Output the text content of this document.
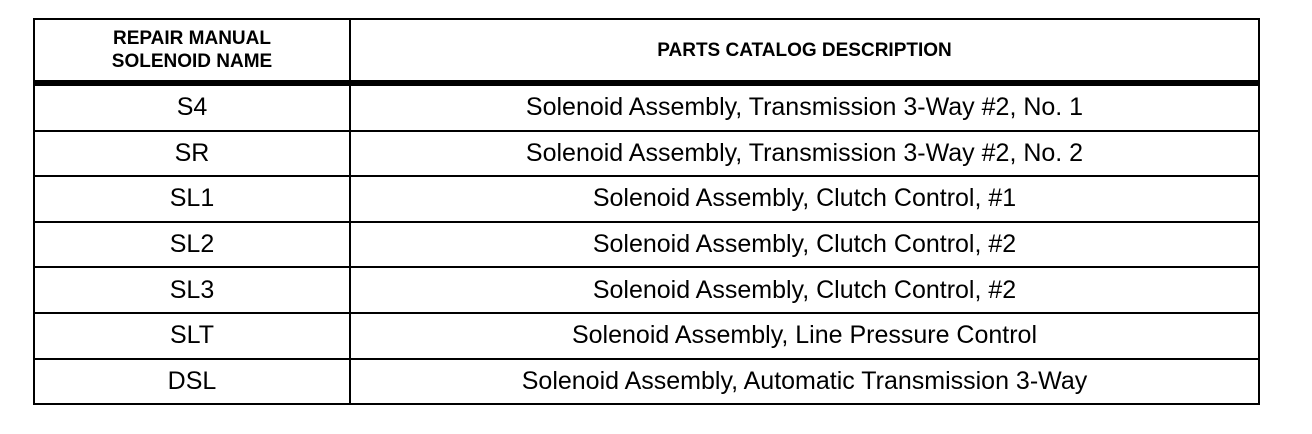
REPAIR MANUAL
SOLENOID NAME	PARTS CATALOG DESCRIPTION
S4	Solenoid Assembly, Transmission 3-Way #2, No. 1
SR	Solenoid Assembly, Transmission 3-Way #2, No. 2
SL1	Solenoid Assembly, Clutch Control, #1
SL2	Solenoid Assembly, Clutch Control, #2
SL3	Solenoid Assembly, Clutch Control, #2
SLT	Solenoid Assembly, Line Pressure Control
DSL	Solenoid Assembly, Automatic Transmission 3-Way
